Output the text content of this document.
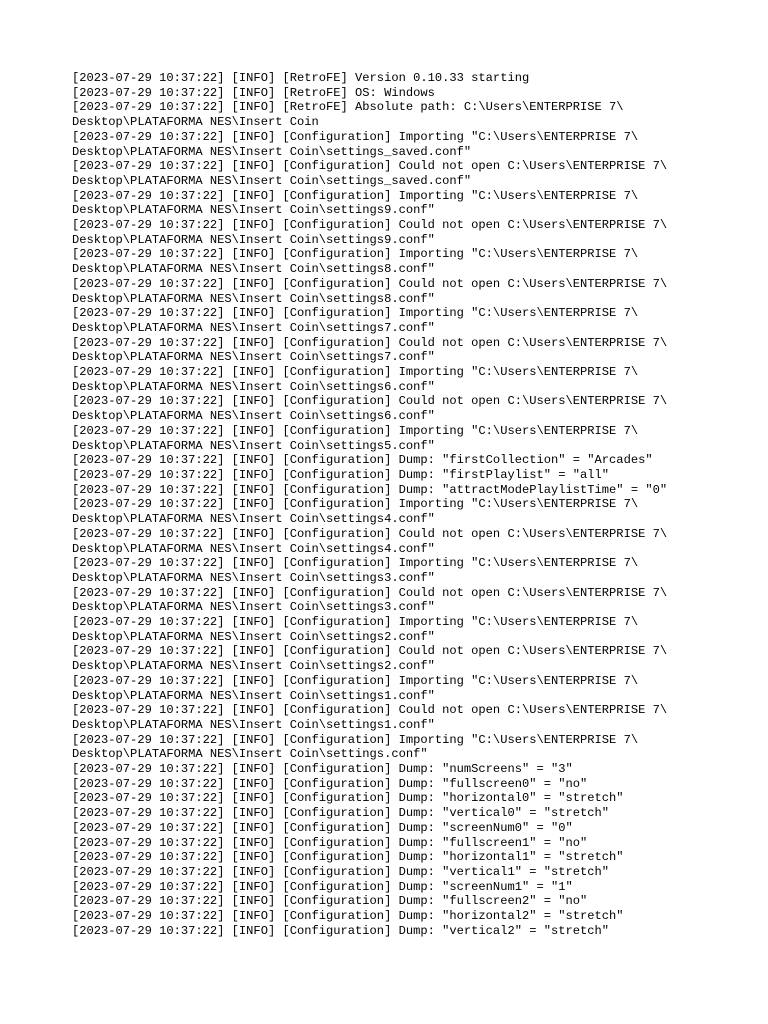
[2023-07-29 10:37:22] [INFO] [RetroFE] Version 0.10.33 starting
[2023-07-29 10:37:22] [INFO] [RetroFE] OS: Windows
[2023-07-29 10:37:22] [INFO] [RetroFE] Absolute path: C:\Users\ENTERPRISE 7\
Desktop\PLATAFORMA NES\Insert Coin
[2023-07-29 10:37:22] [INFO] [Configuration] Importing "C:\Users\ENTERPRISE 7\
Desktop\PLATAFORMA NES\Insert Coin\settings_saved.conf"
[2023-07-29 10:37:22] [INFO] [Configuration] Could not open C:\Users\ENTERPRISE 7\
Desktop\PLATAFORMA NES\Insert Coin\settings_saved.conf"
[2023-07-29 10:37:22] [INFO] [Configuration] Importing "C:\Users\ENTERPRISE 7\
Desktop\PLATAFORMA NES\Insert Coin\settings9.conf"
[2023-07-29 10:37:22] [INFO] [Configuration] Could not open C:\Users\ENTERPRISE 7\
Desktop\PLATAFORMA NES\Insert Coin\settings9.conf"
[2023-07-29 10:37:22] [INFO] [Configuration] Importing "C:\Users\ENTERPRISE 7\
Desktop\PLATAFORMA NES\Insert Coin\settings8.conf"
[2023-07-29 10:37:22] [INFO] [Configuration] Could not open C:\Users\ENTERPRISE 7\
Desktop\PLATAFORMA NES\Insert Coin\settings8.conf"
[2023-07-29 10:37:22] [INFO] [Configuration] Importing "C:\Users\ENTERPRISE 7\
Desktop\PLATAFORMA NES\Insert Coin\settings7.conf"
[2023-07-29 10:37:22] [INFO] [Configuration] Could not open C:\Users\ENTERPRISE 7\
Desktop\PLATAFORMA NES\Insert Coin\settings7.conf"
[2023-07-29 10:37:22] [INFO] [Configuration] Importing "C:\Users\ENTERPRISE 7\
Desktop\PLATAFORMA NES\Insert Coin\settings6.conf"
[2023-07-29 10:37:22] [INFO] [Configuration] Could not open C:\Users\ENTERPRISE 7\
Desktop\PLATAFORMA NES\Insert Coin\settings6.conf"
[2023-07-29 10:37:22] [INFO] [Configuration] Importing "C:\Users\ENTERPRISE 7\
Desktop\PLATAFORMA NES\Insert Coin\settings5.conf"
[2023-07-29 10:37:22] [INFO] [Configuration] Dump: "firstCollection" = "Arcades"
[2023-07-29 10:37:22] [INFO] [Configuration] Dump: "firstPlaylist" = "all"
[2023-07-29 10:37:22] [INFO] [Configuration] Dump: "attractModePlaylistTime" = "0"
[2023-07-29 10:37:22] [INFO] [Configuration] Importing "C:\Users\ENTERPRISE 7\
Desktop\PLATAFORMA NES\Insert Coin\settings4.conf"
[2023-07-29 10:37:22] [INFO] [Configuration] Could not open C:\Users\ENTERPRISE 7\
Desktop\PLATAFORMA NES\Insert Coin\settings4.conf"
[2023-07-29 10:37:22] [INFO] [Configuration] Importing "C:\Users\ENTERPRISE 7\
Desktop\PLATAFORMA NES\Insert Coin\settings3.conf"
[2023-07-29 10:37:22] [INFO] [Configuration] Could not open C:\Users\ENTERPRISE 7\
Desktop\PLATAFORMA NES\Insert Coin\settings3.conf"
[2023-07-29 10:37:22] [INFO] [Configuration] Importing "C:\Users\ENTERPRISE 7\
Desktop\PLATAFORMA NES\Insert Coin\settings2.conf"
[2023-07-29 10:37:22] [INFO] [Configuration] Could not open C:\Users\ENTERPRISE 7\
Desktop\PLATAFORMA NES\Insert Coin\settings2.conf"
[2023-07-29 10:37:22] [INFO] [Configuration] Importing "C:\Users\ENTERPRISE 7\
Desktop\PLATAFORMA NES\Insert Coin\settings1.conf"
[2023-07-29 10:37:22] [INFO] [Configuration] Could not open C:\Users\ENTERPRISE 7\
Desktop\PLATAFORMA NES\Insert Coin\settings1.conf"
[2023-07-29 10:37:22] [INFO] [Configuration] Importing "C:\Users\ENTERPRISE 7\
Desktop\PLATAFORMA NES\Insert Coin\settings.conf"
[2023-07-29 10:37:22] [INFO] [Configuration] Dump: "numScreens" = "3"
[2023-07-29 10:37:22] [INFO] [Configuration] Dump: "fullscreen0" = "no"
[2023-07-29 10:37:22] [INFO] [Configuration] Dump: "horizontal0" = "stretch"
[2023-07-29 10:37:22] [INFO] [Configuration] Dump: "vertical0" = "stretch"
[2023-07-29 10:37:22] [INFO] [Configuration] Dump: "screenNum0" = "0"
[2023-07-29 10:37:22] [INFO] [Configuration] Dump: "fullscreen1" = "no"
[2023-07-29 10:37:22] [INFO] [Configuration] Dump: "horizontal1" = "stretch"
[2023-07-29 10:37:22] [INFO] [Configuration] Dump: "vertical1" = "stretch"
[2023-07-29 10:37:22] [INFO] [Configuration] Dump: "screenNum1" = "1"
[2023-07-29 10:37:22] [INFO] [Configuration] Dump: "fullscreen2" = "no"
[2023-07-29 10:37:22] [INFO] [Configuration] Dump: "horizontal2" = "stretch"
[2023-07-29 10:37:22] [INFO] [Configuration] Dump: "vertical2" = "stretch"
